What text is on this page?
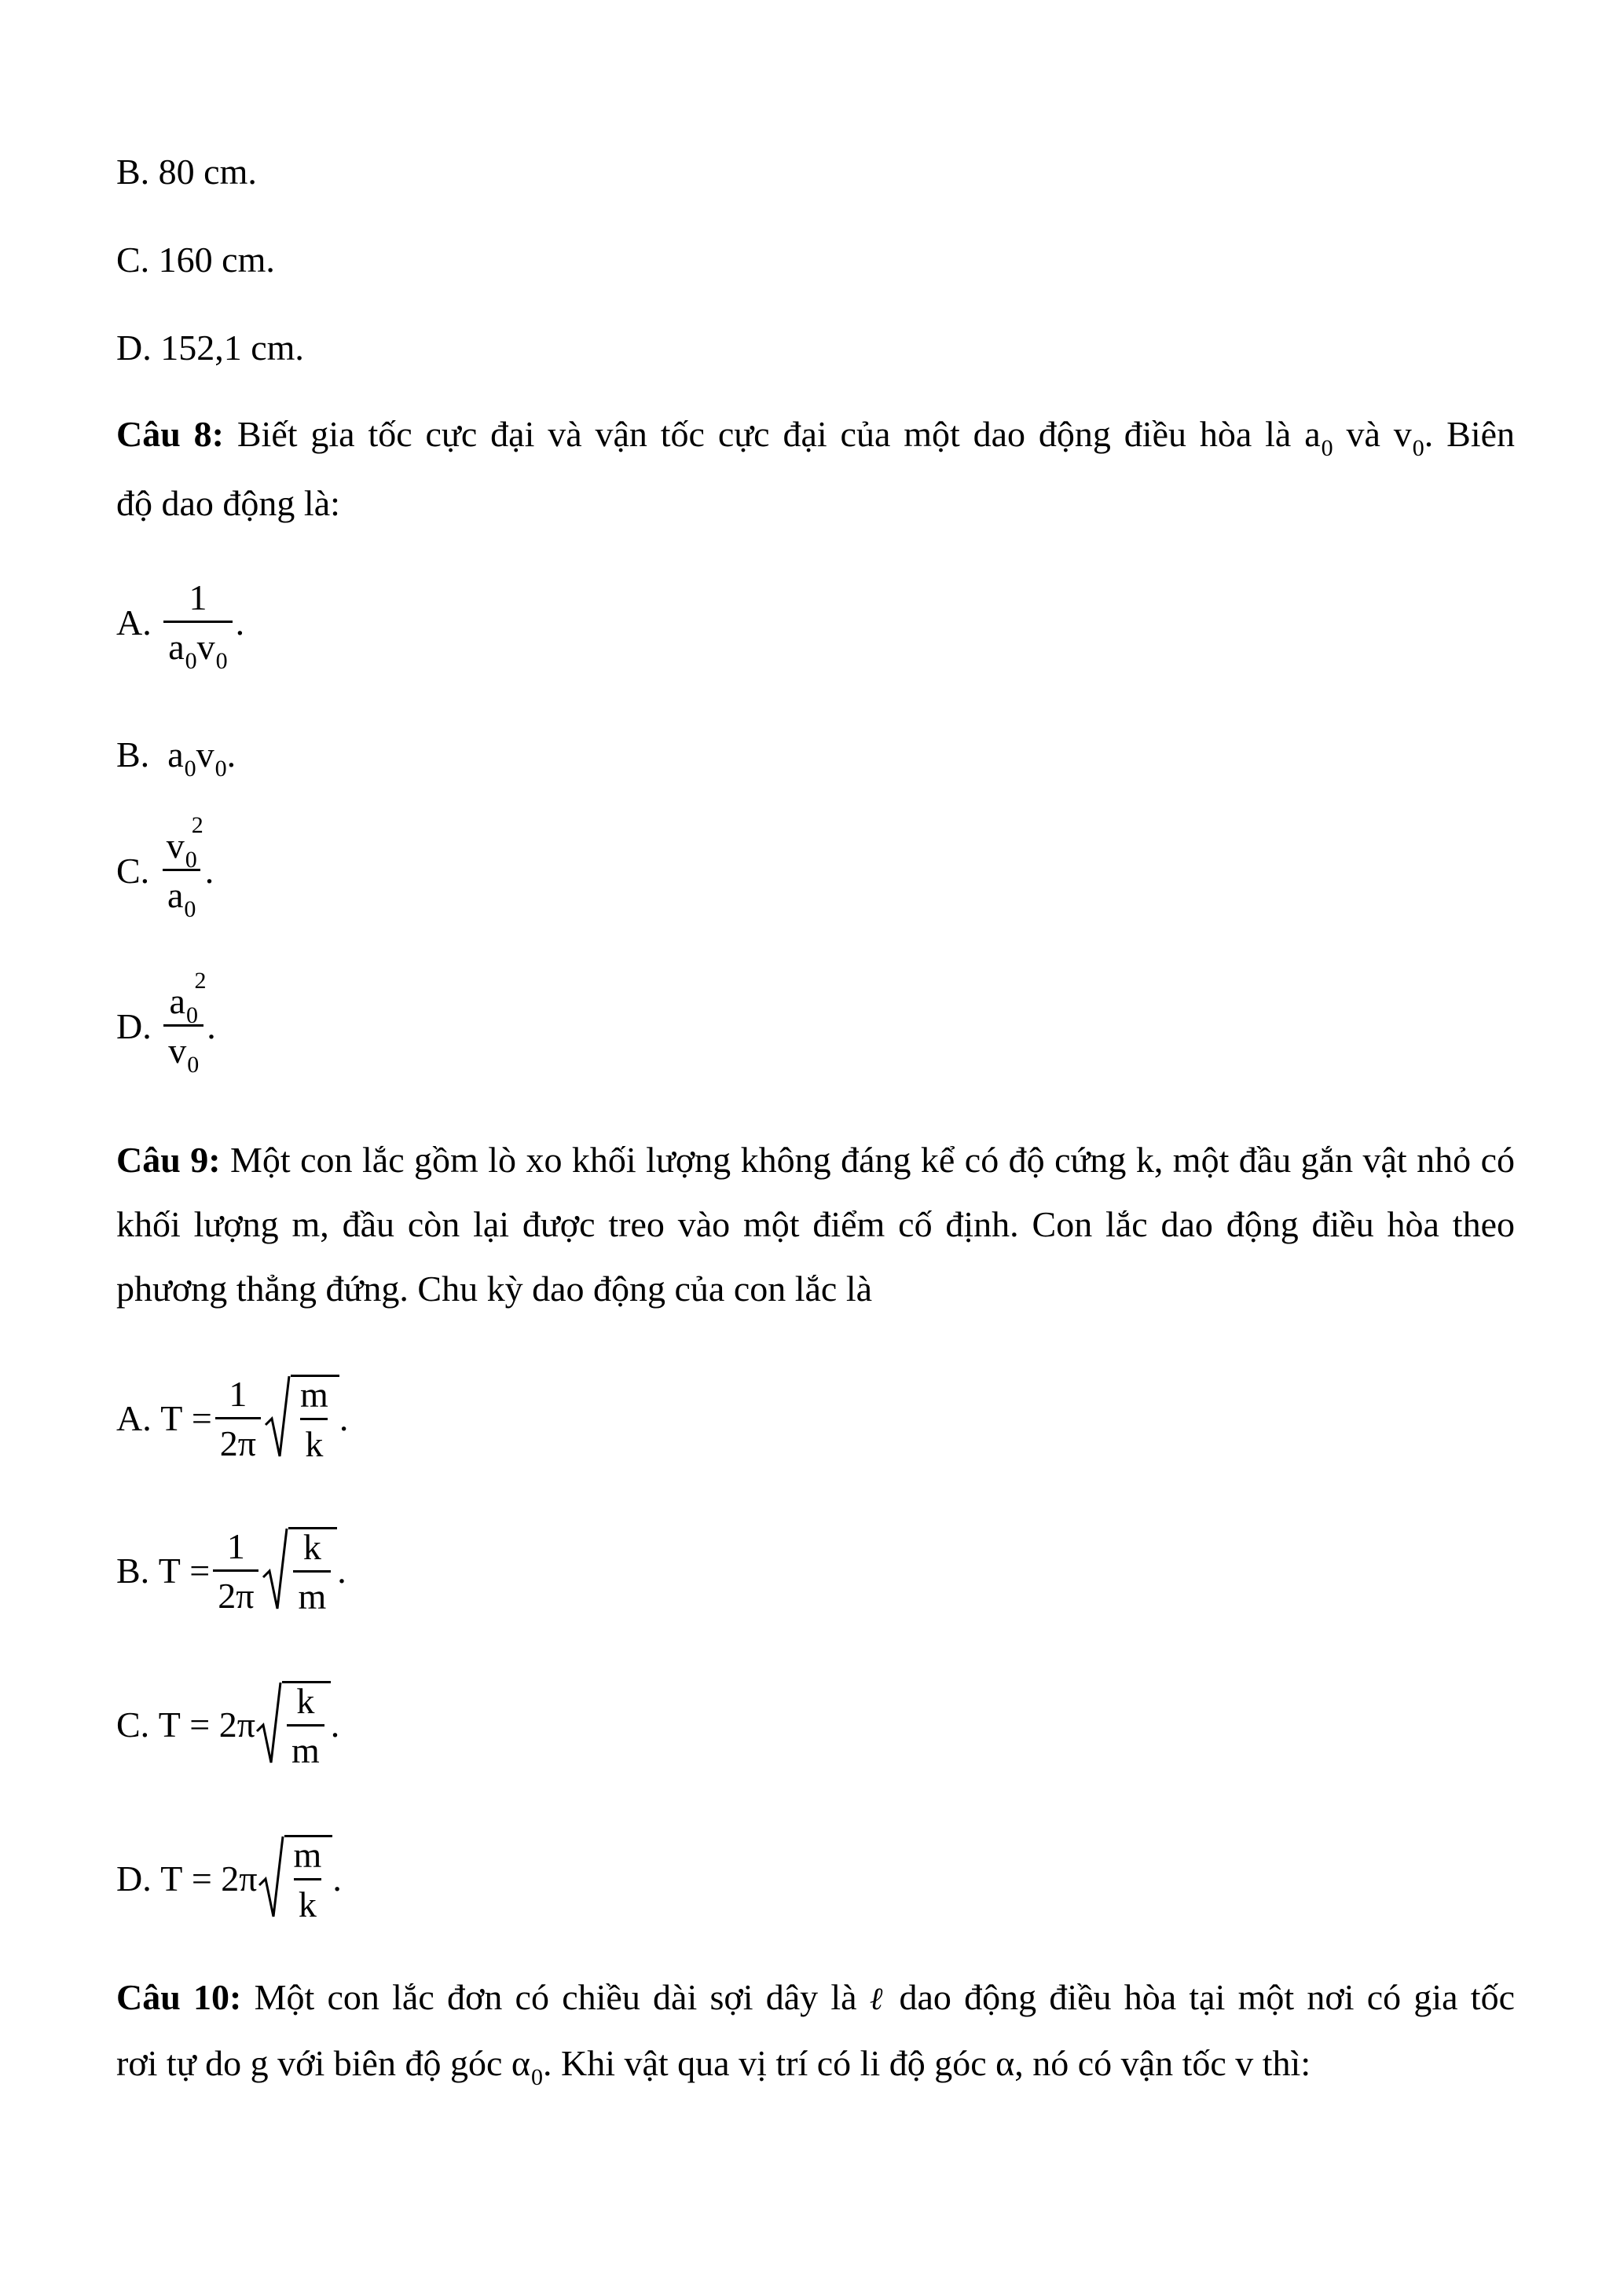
B. 80 cm.
C. 160 cm.
D. 152,1 cm.
Câu 8: Biết gia tốc cực đại và vận tốc cực đại của một dao động điều hòa là $a_0$ và $v_0$. Biên
độ dao động là:
A.
$\frac{1}{a_0v_0}$ .
B. $a_0v_0$.
C.
$v_0$
2
$a_0$ .
D.
$a_0$
2
$v_0$ .
Câu 9: Một con lắc gồm lò xo khối lượng không đáng kể có độ cứng k, một đầu gắn vật nhỏ có khối lượng m, đầu còn lại được treo vào một điểm cố định. Con lắc dao động điều hòa theo phương thẳng đứng. Chu kỳ dao động của con lắc là
A.
T
= $\frac{1}{2\pi} \frac{m}{k}$ .
B.
T
= $\frac{1}{2\pi} \frac{k}{m}$ .
C.
T
=
$2\pi \frac{k}{m}$ .
D.
T
=
$2\pi \frac{m}{k}$ .
Câu 10: Một con lắc đơn có chiều dài sợi dây là ℓ dao động điều hòa tại một nơi có gia tốc
rơi tự do g với biên độ góc $\alpha_0$. Khi vật qua vị trí có li độ góc α, nó có vận tốc v thì:
